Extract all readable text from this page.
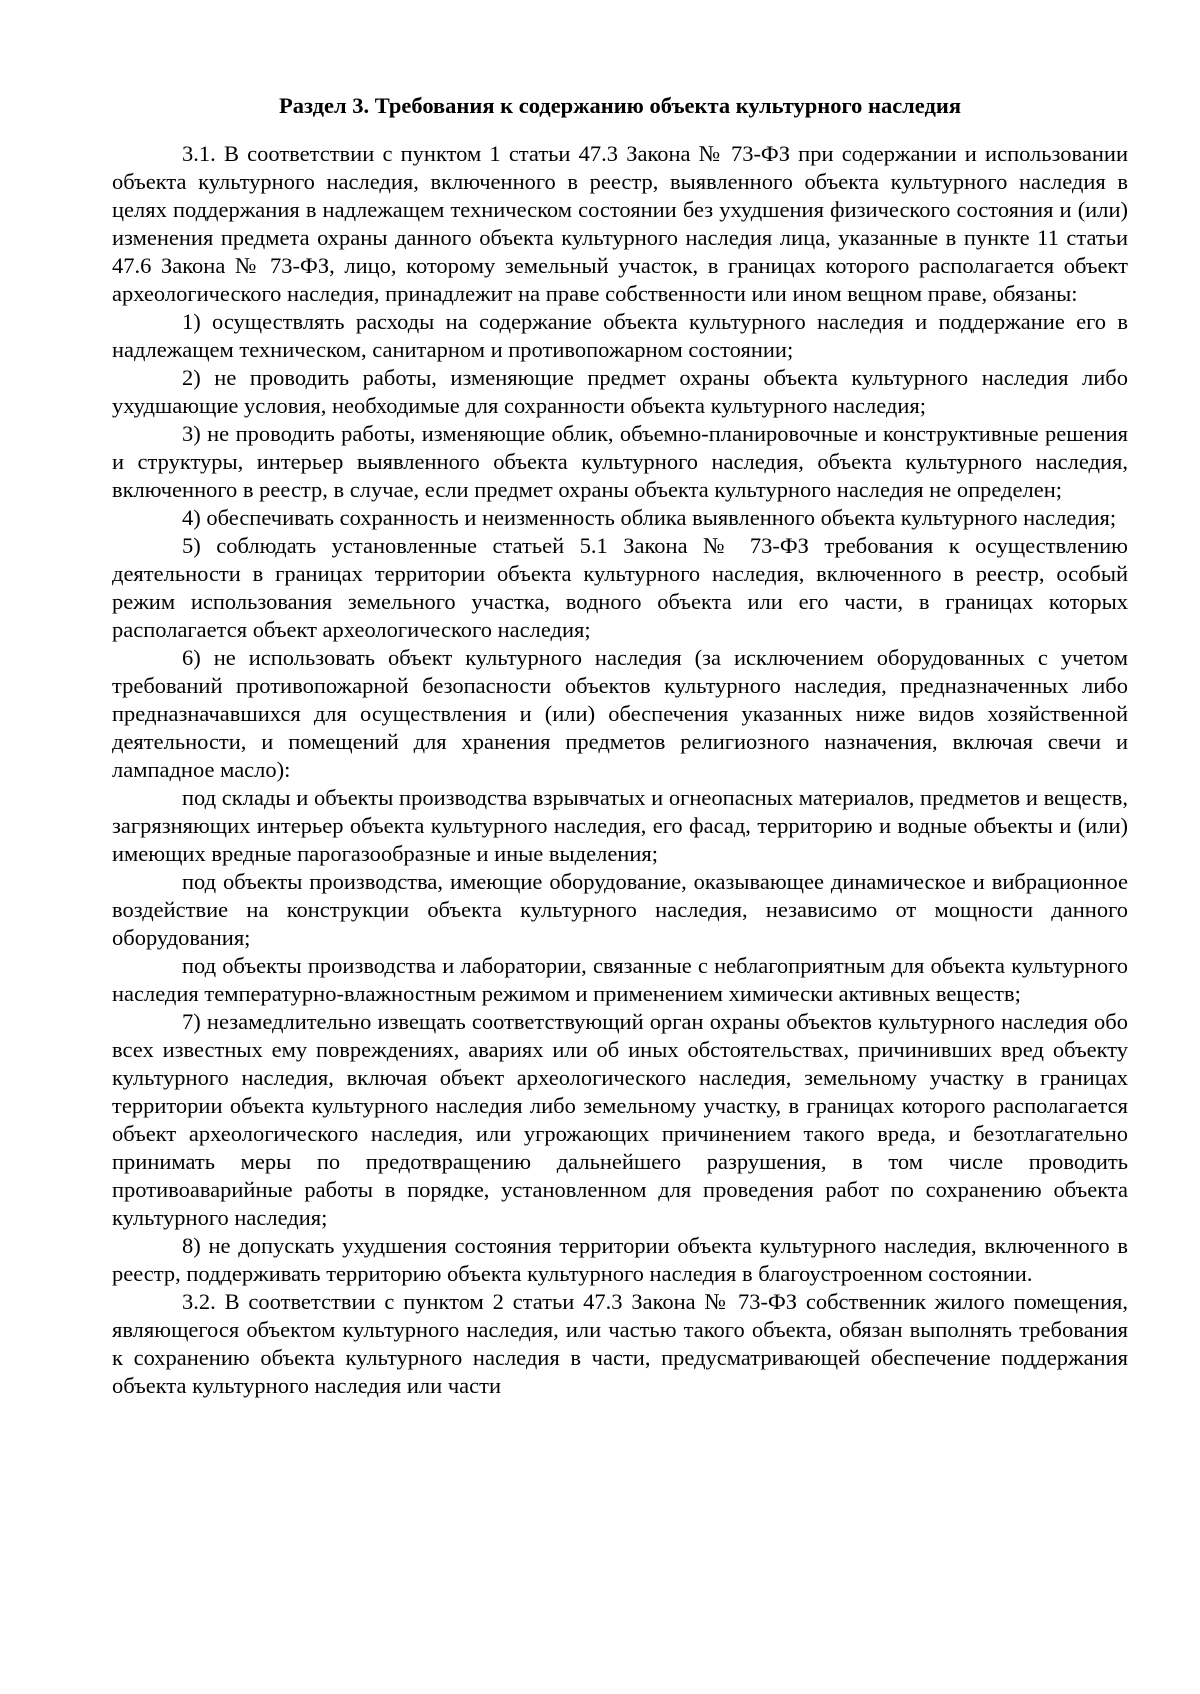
Раздел 3. Требования к содержанию объекта культурного наследия

3.1. В соответствии с пунктом 1 статьи 47.3 Закона № 73-ФЗ при содержании и использовании объекта культурного наследия, включенного в реестр, выявленного объекта культурного наследия в целях поддержания в надлежащем техническом состоянии без ухудшения физического состояния и (или) изменения предмета охраны данного объекта культурного наследия лица, указанные в пункте 11 статьи 47.6 Закона № 73-ФЗ, лицо, которому земельный участок, в границах которого располагается объект археологического наследия, принадлежит на праве собственности или ином вещном праве, обязаны:

1) осуществлять расходы на содержание объекта культурного наследия и поддержание его в надлежащем техническом, санитарном и противопожарном состоянии;

2) не проводить работы, изменяющие предмет охраны объекта культурного наследия либо ухудшающие условия, необходимые для сохранности объекта культурного наследия;

3) не проводить работы, изменяющие облик, объемно-планировочные и конструктивные решения и структуры, интерьер выявленного объекта культурного наследия, объекта культурного наследия, включенного в реестр, в случае, если предмет охраны объекта культурного наследия не определен;

4) обеспечивать сохранность и неизменность облика выявленного объекта культурного наследия;

5) соблюдать установленные статьей 5.1 Закона № 73-ФЗ требования к осуществлению деятельности в границах территории объекта культурного наследия, включенного в реестр, особый режим использования земельного участка, водного объекта или его части, в границах которых располагается объект археологического наследия;

6) не использовать объект культурного наследия (за исключением оборудованных с учетом требований противопожарной безопасности объектов культурного наследия, предназначенных либо предназначавшихся для осуществления и (или) обеспечения указанных ниже видов хозяйственной деятельности, и помещений для хранения предметов религиозного назначения, включая свечи и лампадное масло):

под склады и объекты производства взрывчатых и огнеопасных материалов, предметов и веществ, загрязняющих интерьер объекта культурного наследия, его фасад, территорию и водные объекты и (или) имеющих вредные парогазообразные и иные выделения;

под объекты производства, имеющие оборудование, оказывающее динамическое и вибрационное воздействие на конструкции объекта культурного наследия, независимо от мощности данного оборудования;

под объекты производства и лаборатории, связанные с неблагоприятным для объекта культурного наследия температурно-влажностным режимом и применением химически активных веществ;

7) незамедлительно извещать соответствующий орган охраны объектов культурного наследия обо всех известных ему повреждениях, авариях или об иных обстоятельствах, причинивших вред объекту культурного наследия, включая объект археологического наследия, земельному участку в границах территории объекта культурного наследия либо земельному участку, в границах которого располагается объект археологического наследия, или угрожающих причинением такого вреда, и безотлагательно принимать меры по предотвращению дальнейшего разрушения, в том числе проводить противоаварийные работы в порядке, установленном для проведения работ по сохранению объекта культурного наследия;

8) не допускать ухудшения состояния территории объекта культурного наследия, включенного в реестр, поддерживать территорию объекта культурного наследия в благоустроенном состоянии.

3.2. В соответствии с пунктом 2 статьи 47.3 Закона № 73-ФЗ собственник жилого помещения, являющегося объектом культурного наследия, или частью такого объекта, обязан выполнять требования к сохранению объекта культурного наследия в части, предусматривающей обеспечение поддержания объекта культурного наследия или части
